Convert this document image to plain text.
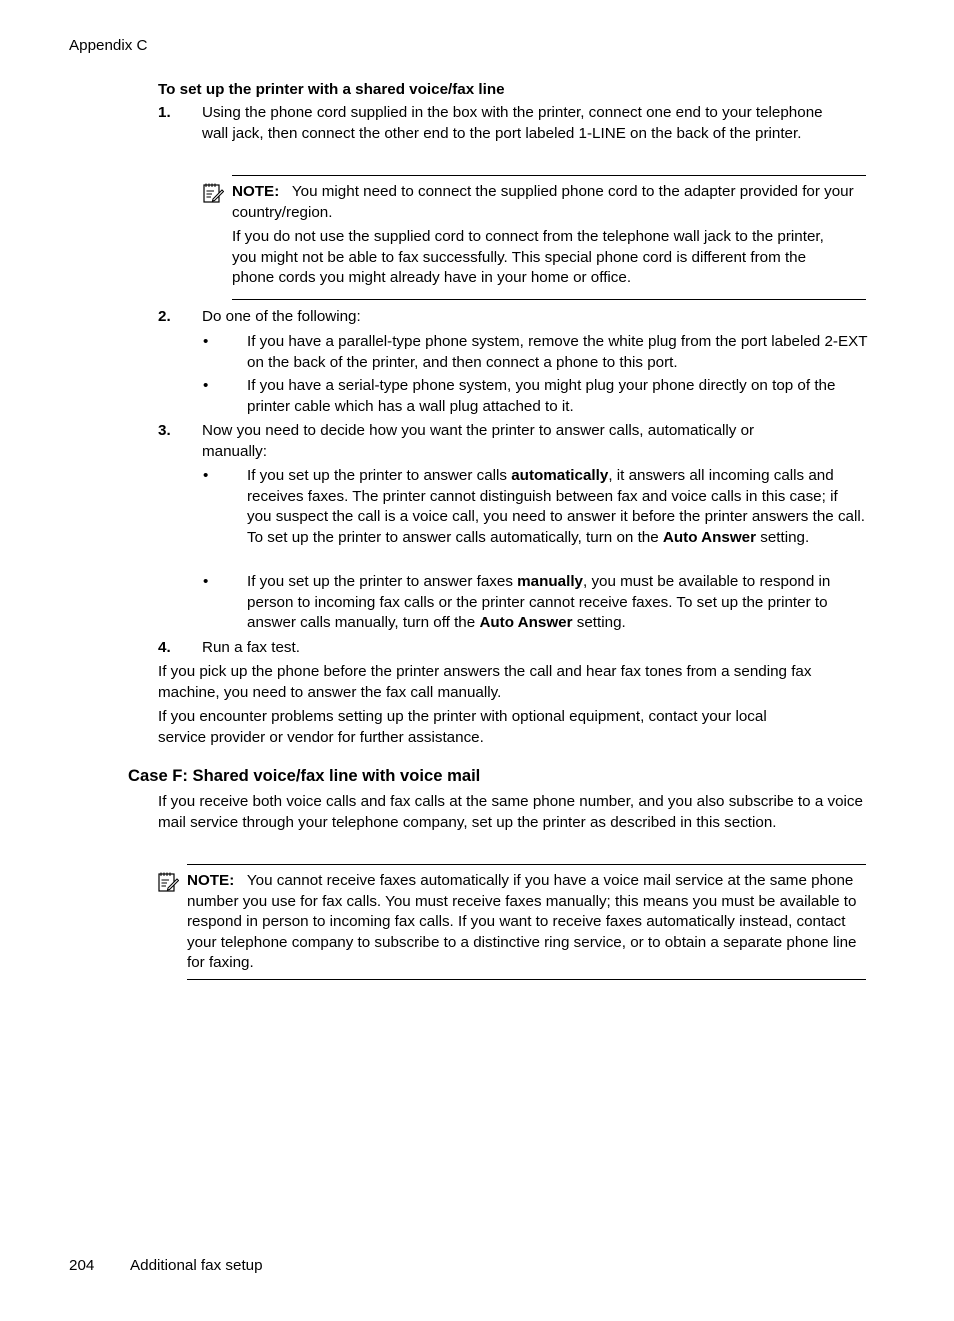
Appendix C
To set up the printer with a shared voice/fax line
1. Using the phone cord supplied in the box with the printer, connect one end to your telephone wall jack, then connect the other end to the port labeled 1-LINE on the back of the printer.

NOTE: You might need to connect the supplied phone cord to the adapter provided for your country/region.

If you do not use the supplied cord to connect from the telephone wall jack to the printer, you might not be able to fax successfully. This special phone cord is different from the phone cords you might already have in your home or office.

2. Do one of the following:

•	If you have a parallel-type phone system, remove the white plug from the port labeled 2-EXT on the back of the printer, and then connect a phone to this port.

•	If you have a serial-type phone system, you might plug your phone directly on top of the printer cable which has a wall plug attached to it.

3. Now you need to decide how you want the printer to answer calls, automatically or manually:

•	If you set up the printer to answer calls automatically, it answers all incoming calls and receives faxes. The printer cannot distinguish between fax and voice calls in this case; if you suspect the call is a voice call, you need to answer it before the printer answers the call. To set up the printer to answer calls automatically, turn on the Auto Answer setting.

•	If you set up the printer to answer faxes manually, you must be available to respond in person to incoming fax calls or the printer cannot receive faxes. To set up the printer to answer calls manually, turn off the Auto Answer setting.

4. Run a fax test.

If you pick up the phone before the printer answers the call and hear fax tones from a sending fax machine, you need to answer the fax call manually.

If you encounter problems setting up the printer with optional equipment, contact your local service provider or vendor for further assistance.

Case F: Shared voice/fax line with voice mail

If you receive both voice calls and fax calls at the same phone number, and you also subscribe to a voice mail service through your telephone company, set up the printer as described in this section.

NOTE: You cannot receive faxes automatically if you have a voice mail service at the same phone number you use for fax calls. You must receive faxes manually; this means you must be available to respond in person to incoming fax calls. If you want to receive faxes automatically instead, contact your telephone company to subscribe to a distinctive ring service, or to obtain a separate phone line for faxing.

204 Additional fax setup
